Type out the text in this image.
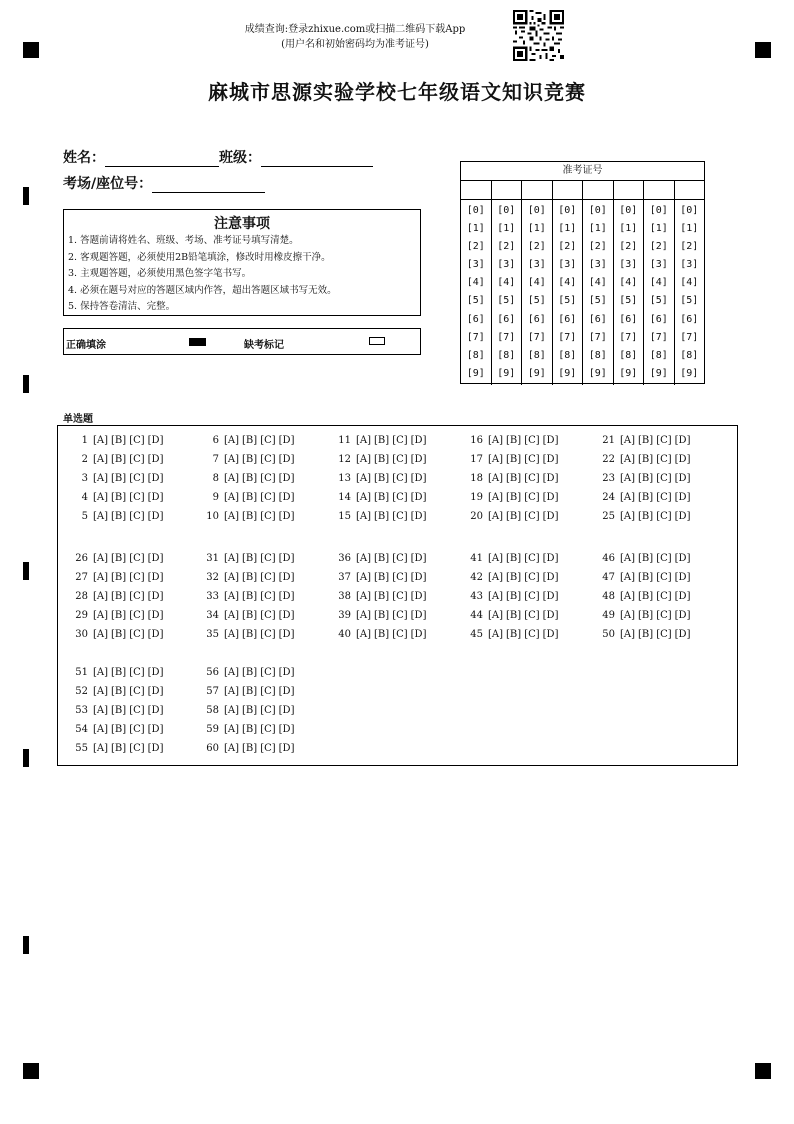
成绩查询:登录zhixue.com或扫描二维码下载App
(用户名和初始密码均为准考证号)
麻城市思源实验学校七年级语文知识竞赛
姓名：	班级：
考场/座位号：
注意事项
1. 答题前请将姓名、班级、考场、准考证号填写清楚。
2. 客观题答题，必须使用2B铅笔填涂，修改时用橡皮擦干净。
3. 主观题答题，必须使用黑色签字笔书写。
4. 必须在题号对应的答题区域内作答，超出答题区域书写无效。
5. 保持答卷清洁、完整。
正确填涂	缺考标记
准考证号
[0]
[1]
[2]
[3]
[4]
[5]
[6]
[7]
[8]
[9]
[0]
[1]
[2]
[3]
[4]
[5]
[6]
[7]
[8]
[9]
[0]
[1]
[2]
[3]
[4]
[5]
[6]
[7]
[8]
[9]
[0]
[1]
[2]
[3]
[4]
[5]
[6]
[7]
[8]
[9]
[0]
[1]
[2]
[3]
[4]
[5]
[6]
[7]
[8]
[9]
[0]
[1]
[2]
[3]
[4]
[5]
[6]
[7]
[8]
[9]
[0]
[1]
[2]
[3]
[4]
[5]
[6]
[7]
[8]
[9]
[0]
[1]
[2]
[3]
[4]
[5]
[6]
[7]
[8]
[9]
单选题
1 [A] [B] [C] [D]
2 [A] [B] [C] [D]
3 [A] [B] [C] [D]
4 [A] [B] [C] [D]
5 [A] [B] [C] [D]
6 [A] [B] [C] [D]
7 [A] [B] [C] [D]
8 [A] [B] [C] [D]
9 [A] [B] [C] [D]
10 [A] [B] [C] [D]
11 [A] [B] [C] [D]
12 [A] [B] [C] [D]
13 [A] [B] [C] [D]
14 [A] [B] [C] [D]
15 [A] [B] [C] [D]
16 [A] [B] [C] [D]
17 [A] [B] [C] [D]
18 [A] [B] [C] [D]
19 [A] [B] [C] [D]
20 [A] [B] [C] [D]
21 [A] [B] [C] [D]
22 [A] [B] [C] [D]
23 [A] [B] [C] [D]
24 [A] [B] [C] [D]
25 [A] [B] [C] [D]
26 [A] [B] [C] [D]
27 [A] [B] [C] [D]
28 [A] [B] [C] [D]
29 [A] [B] [C] [D]
30 [A] [B] [C] [D]
31 [A] [B] [C] [D]
32 [A] [B] [C] [D]
33 [A] [B] [C] [D]
34 [A] [B] [C] [D]
35 [A] [B] [C] [D]
36 [A] [B] [C] [D]
37 [A] [B] [C] [D]
38 [A] [B] [C] [D]
39 [A] [B] [C] [D]
40 [A] [B] [C] [D]
41 [A] [B] [C] [D]
42 [A] [B] [C] [D]
43 [A] [B] [C] [D]
44 [A] [B] [C] [D]
45 [A] [B] [C] [D]
46 [A] [B] [C] [D]
47 [A] [B] [C] [D]
48 [A] [B] [C] [D]
49 [A] [B] [C] [D]
50 [A] [B] [C] [D]
51 [A] [B] [C] [D]
52 [A] [B] [C] [D]
53 [A] [B] [C] [D]
54 [A] [B] [C] [D]
55 [A] [B] [C] [D]
56 [A] [B] [C] [D]
57 [A] [B] [C] [D]
58 [A] [B] [C] [D]
59 [A] [B] [C] [D]
60 [A] [B] [C] [D]
